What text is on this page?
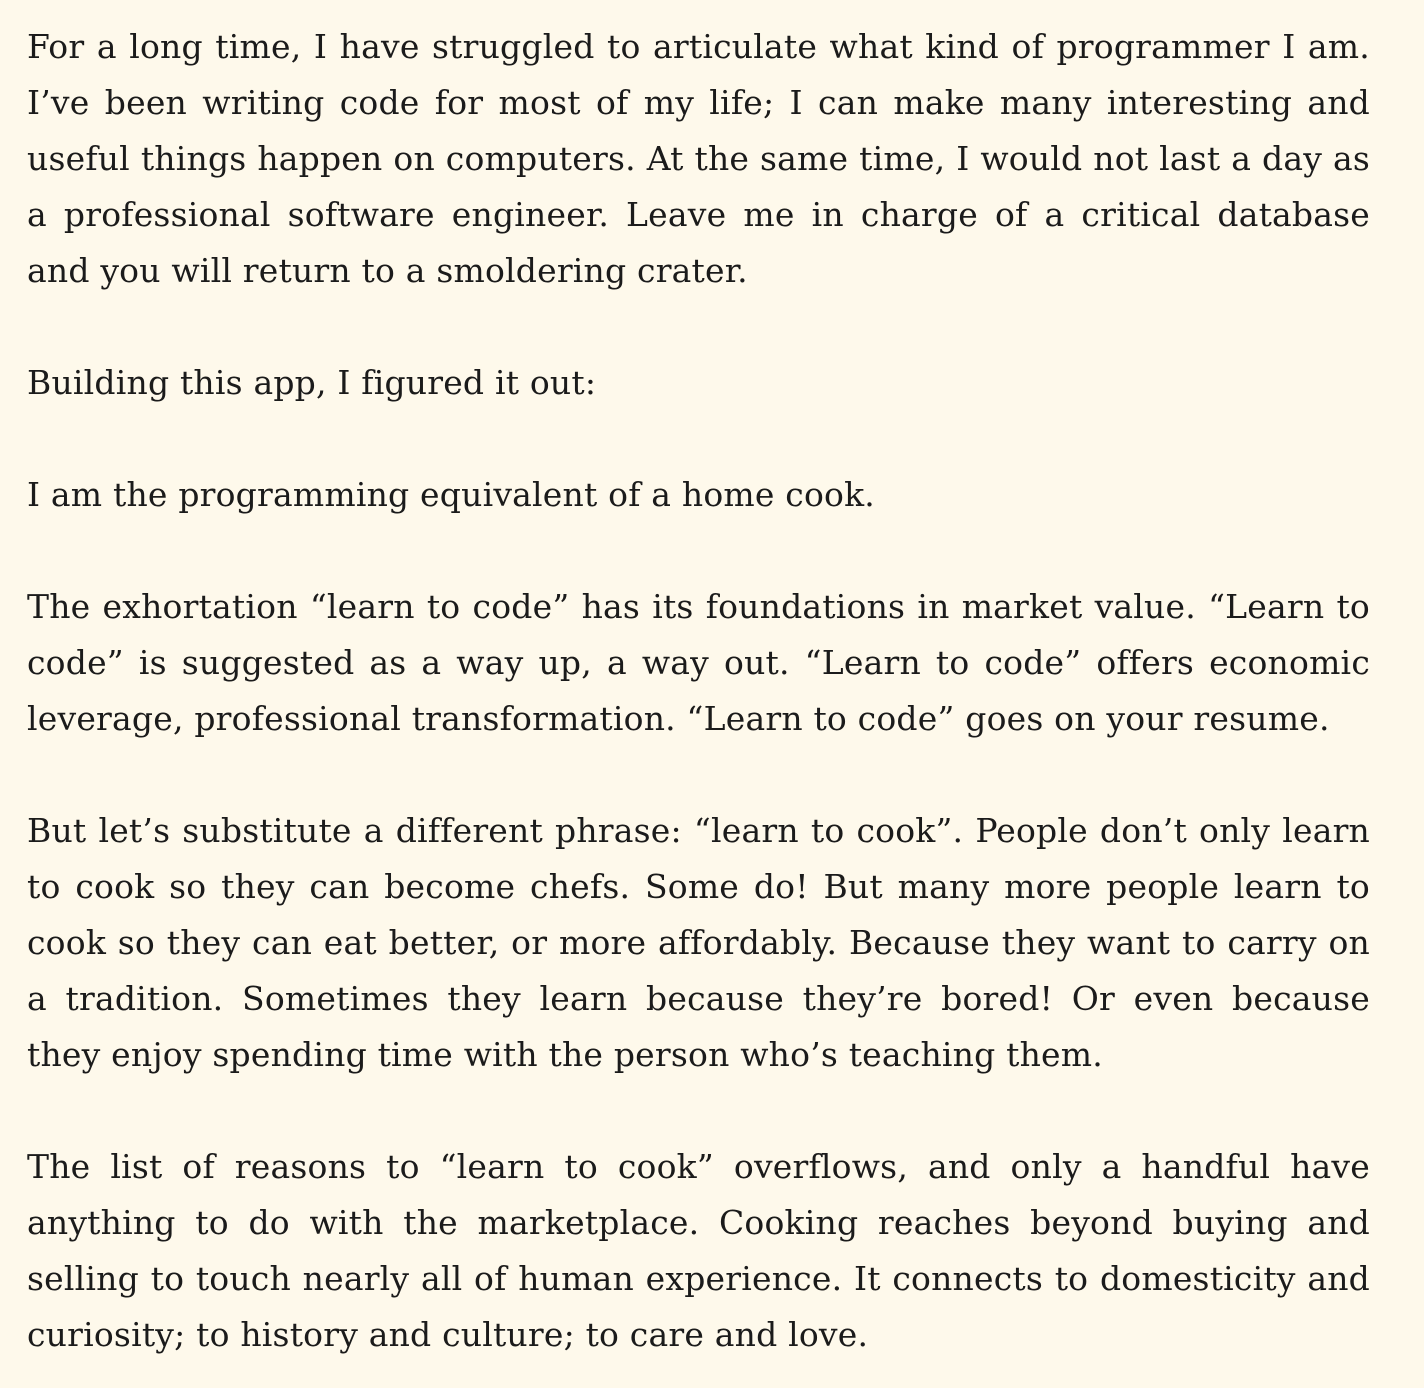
For a long time, I have struggled to articulate what kind of programmer I am. I’ve been writing code for most of my life; I can make many interesting and useful things happen on computers. At the same time, I would not last a day as a professional software engineer. Leave me in charge of a critical database and you will return to a smoldering crater.

Building this app, I figured it out:

I am the programming equivalent of a home cook.

The exhortation “learn to code” has its foundations in market value. “Learn to code” is suggested as a way up, a way out. “Learn to code” offers economic leverage, professional transformation. “Learn to code” goes on your resume.

But let’s substitute a different phrase: “learn to cook”. People don’t only learn to cook so they can become chefs. Some do! But many more people learn to cook so they can eat better, or more affordably. Because they want to carry on a tradition. Sometimes they learn because they’re bored! Or even because they enjoy spending time with the person who’s teaching them.

The list of reasons to “learn to cook” overflows, and only a handful have anything to do with the marketplace. Cooking reaches beyond buying and selling to touch nearly all of human experience. It connects to domesticity and curiosity; to history and culture; to care and love.
